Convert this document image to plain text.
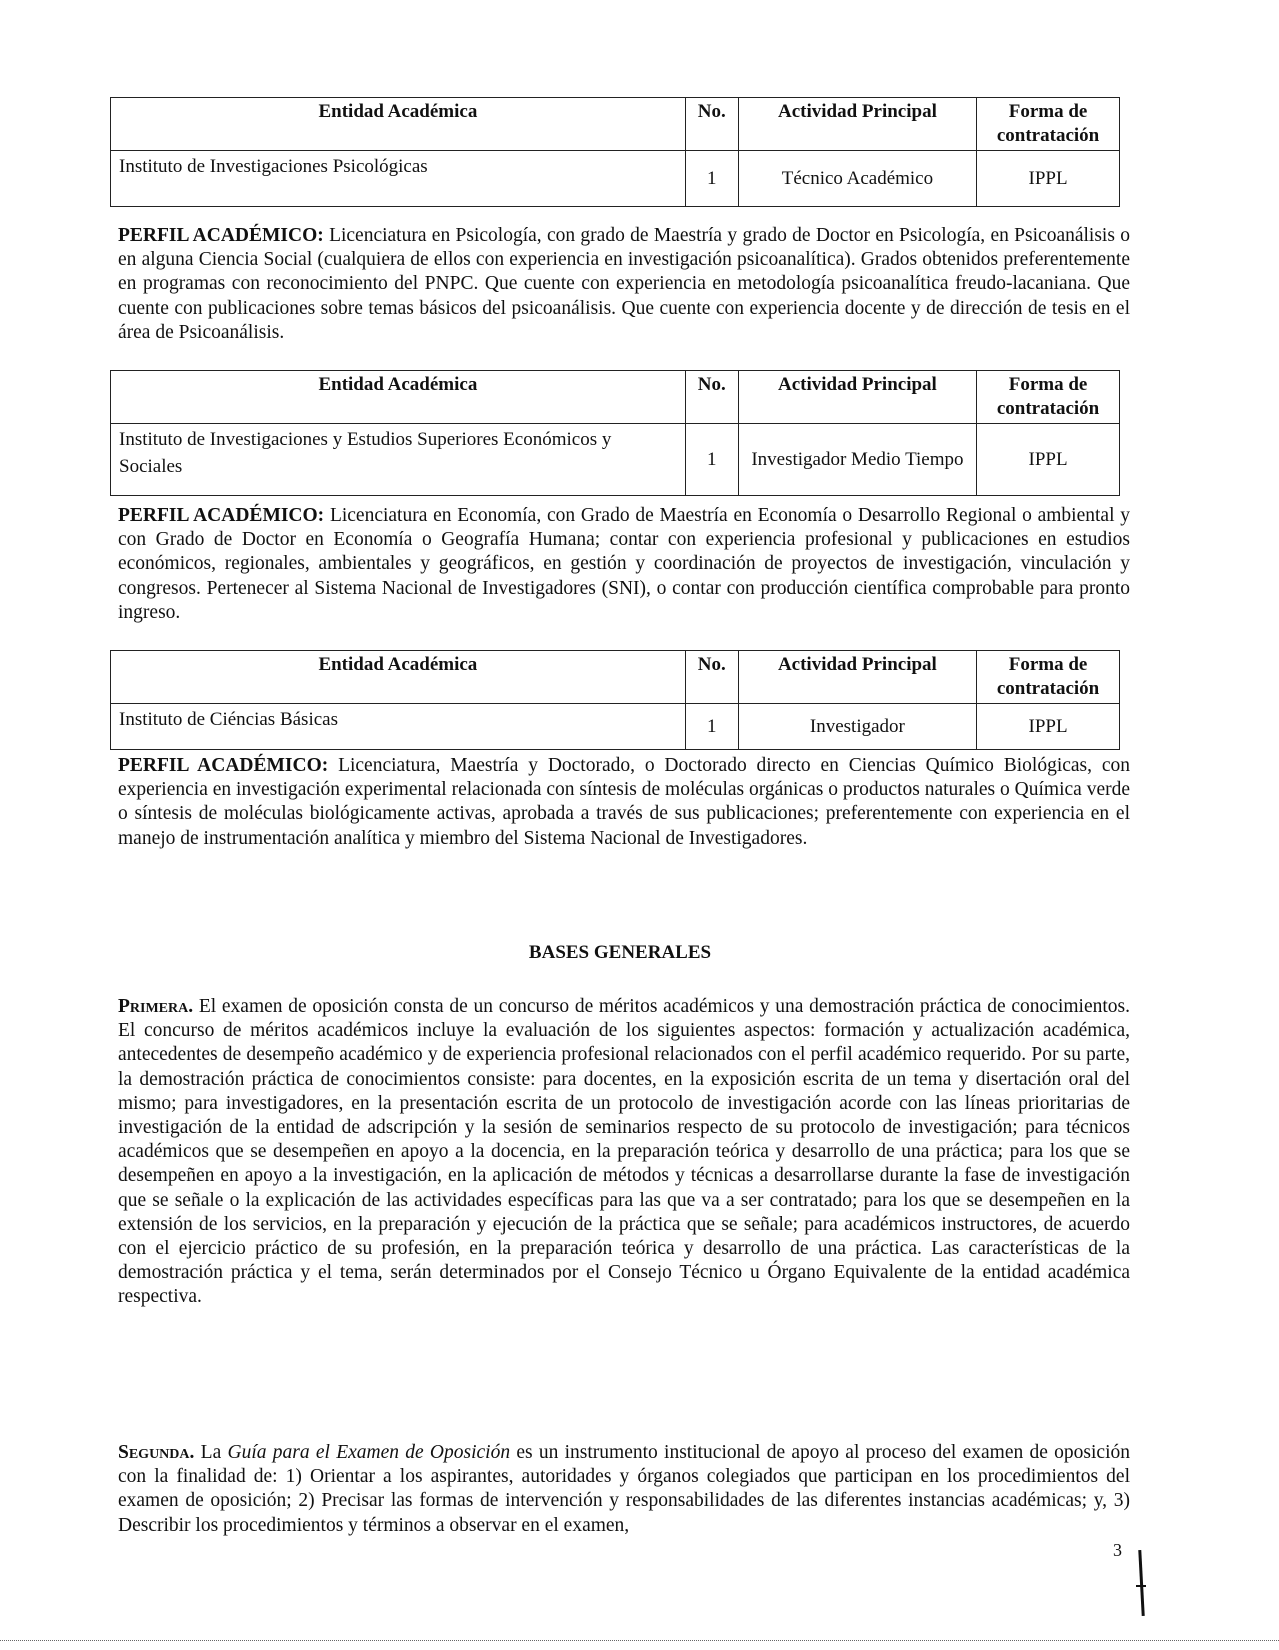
Entidad Académica	No.	Actividad Principal	Forma de contratación
Instituto de Investigaciones Psicológicas	1	Técnico Académico	IPPL
PERFIL ACADÉMICO: Licenciatura en Psicología, con grado de Maestría y grado de Doctor en Psicología, en Psicoanálisis o en alguna Ciencia Social (cualquiera de ellos con experiencia en investigación psicoanalítica). Grados obtenidos preferentemente en programas con reconocimiento del PNPC. Que cuente con experiencia en metodología psicoanalítica freudo-lacaniana. Que cuente con publicaciones sobre temas básicos del psicoanálisis. Que cuente con experiencia docente y de dirección de tesis en el área de Psicoanálisis.
Entidad Académica	No.	Actividad Principal	Forma de contratación
Instituto de Investigaciones y Estudios Superiores Económicos y Sociales	1	Investigador Medio Tiempo	IPPL
PERFIL ACADÉMICO: Licenciatura en Economía, con Grado de Maestría en Economía o Desarrollo Regional o ambiental y con Grado de Doctor en Economía o Geografía Humana; contar con experiencia profesional y publicaciones en estudios económicos, regionales, ambientales y geográficos, en gestión y coordinación de proyectos de investigación, vinculación y congresos. Pertenecer al Sistema Nacional de Investigadores (SNI), o contar con producción científica comprobable para pronto ingreso.
Entidad Académica	No.	Actividad Principal	Forma de contratación
Instituto de Ciéncias Básicas	1	Investigador	IPPL
PERFIL ACADÉMICO: Licenciatura, Maestría y Doctorado, o Doctorado directo en Ciencias Químico Biológicas, con experiencia en investigación experimental relacionada con síntesis de moléculas orgánicas o productos naturales o Química verde o síntesis de moléculas biológicamente activas, aprobada a través de sus publicaciones; preferentemente con experiencia en el manejo de instrumentación analítica y miembro del Sistema Nacional de Investigadores.
BASES GENERALES
Primera. El examen de oposición consta de un concurso de méritos académicos y una demostración práctica de conocimientos. El concurso de méritos académicos incluye la evaluación de los siguientes aspectos: formación y actualización académica, antecedentes de desempeño académico y de experiencia profesional relacionados con el perfil académico requerido. Por su parte, la demostración práctica de conocimientos consiste: para docentes, en la exposición escrita de un tema y disertación oral del mismo; para investigadores, en la presentación escrita de un protocolo de investigación acorde con las líneas prioritarias de investigación de la entidad de adscripción y la sesión de seminarios respecto de su protocolo de investigación; para técnicos académicos que se desempeñen en apoyo a la docencia, en la preparación teórica y desarrollo de una práctica; para los que se desempeñen en apoyo a la investigación, en la aplicación de métodos y técnicas a desarrollarse durante la fase de investigación que se señale o la explicación de las actividades específicas para las que va a ser contratado; para los que se desempeñen en la extensión de los servicios, en la preparación y ejecución de la práctica que se señale; para académicos instructores, de acuerdo con el ejercicio práctico de su profesión, en la preparación teórica y desarrollo de una práctica. Las características de la demostración práctica y el tema, serán determinados por el Consejo Técnico u Órgano Equivalente de la entidad académica respectiva.
Segunda. La Guía para el Examen de Oposición es un instrumento institucional de apoyo al proceso del examen de oposición con la finalidad de: 1) Orientar a los aspirantes, autoridades y órganos colegiados que participan en los procedimientos del examen de oposición; 2) Precisar las formas de intervención y responsabilidades de las diferentes instancias académicas; y, 3) Describir los procedimientos y términos a observar en el examen,
3
